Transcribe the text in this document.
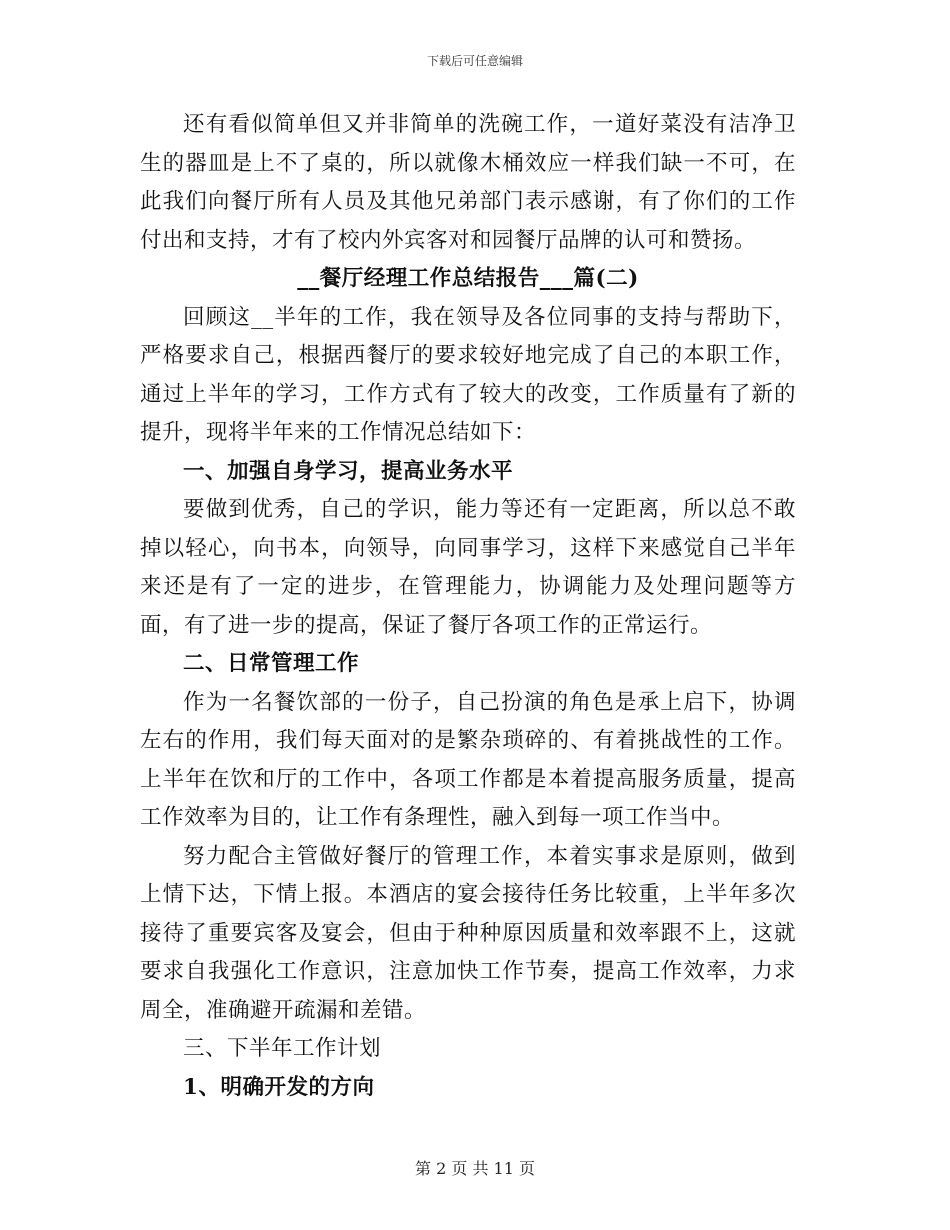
下载后可任意编辑

还有看似简单但又并非简单的洗碗工作，一道好菜没有洁净卫生的器皿是上不了桌的，所以就像木桶效应一样我们缺一不可，在此我们向餐厅所有人员及其他兄弟部门表示感谢，有了你们的工作付出和支持，才有了校内外宾客对和园餐厅品牌的认可和赞扬。

__餐厅经理工作总结报告___篇(二)

回顾这__半年的工作，我在领导及各位同事的支持与帮助下，严格要求自己，根据西餐厅的要求较好地完成了自己的本职工作，通过上半年的学习，工作方式有了较大的改变，工作质量有了新的提升，现将半年来的工作情况总结如下：

一、加强自身学习，提高业务水平

要做到优秀，自己的学识，能力等还有一定距离，所以总不敢掉以轻心，向书本，向领导，向同事学习，这样下来感觉自己半年来还是有了一定的进步，在管理能力，协调能力及处理问题等方面，有了进一步的提高，保证了餐厅各项工作的正常运行。

二、日常管理工作

作为一名餐饮部的一份子，自己扮演的角色是承上启下，协调左右的作用，我们每天面对的是繁杂琐碎的、有着挑战性的工作。上半年在饮和厅的工作中，各项工作都是本着提高服务质量，提高工作效率为目的，让工作有条理性，融入到每一项工作当中。

努力配合主管做好餐厅的管理工作，本着实事求是原则，做到上情下达，下情上报。本酒店的宴会接待任务比较重，上半年多次接待了重要宾客及宴会，但由于种种原因质量和效率跟不上，这就要求自我强化工作意识，注意加快工作节奏，提高工作效率，力求周全，准确避开疏漏和差错。

三、下半年工作计划

1、明确开发的方向

第 2 页 共 11 页
